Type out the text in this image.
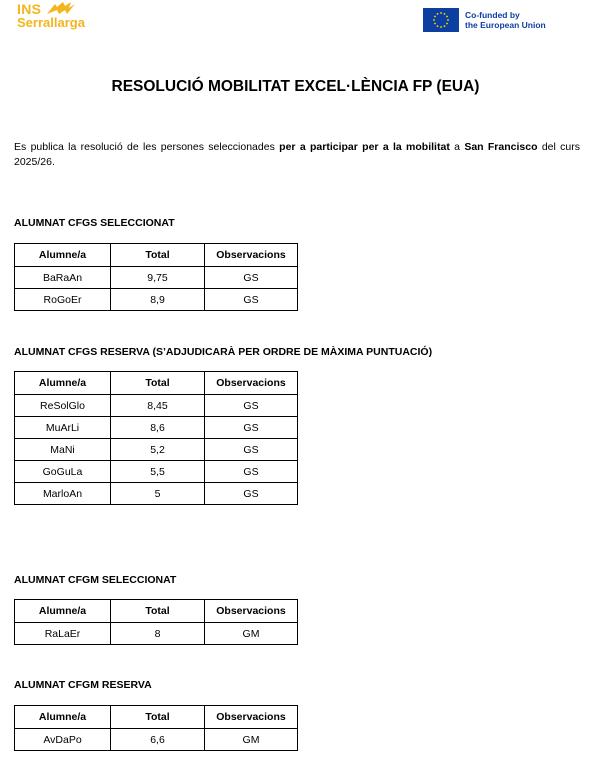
INS
Serrallarga	Co-funded by
the European Union
RESOLUCIÓ MOBILITAT EXCEL·LÈNCIA FP (EUA)
Es publica la resolució de les persones seleccionades per a participar per a la mobilitat a San Francisco del curs 2025/26.
ALUMNAT CFGS SELECCIONAT
Alumne/a	Total	Observacions
BaRaAn	9,75	GS
RoGoEr	8,9	GS
ALUMNAT CFGS RESERVA (S’ADJUDICARÀ PER ORDRE DE MÀXIMA PUNTUACIÓ)
Alumne/a	Total	Observacions
ReSolGlo	8,45	GS
MuArLi	8,6	GS
MaNi	5,2	GS
GoGuLa	5,5	GS
MarloAn	5	GS
ALUMNAT CFGM SELECCIONAT
Alumne/a	Total	Observacions
RaLaEr	8	GM
ALUMNAT CFGM RESERVA
Alumne/a	Total	Observacions
AvDaPo	6,6	GM
